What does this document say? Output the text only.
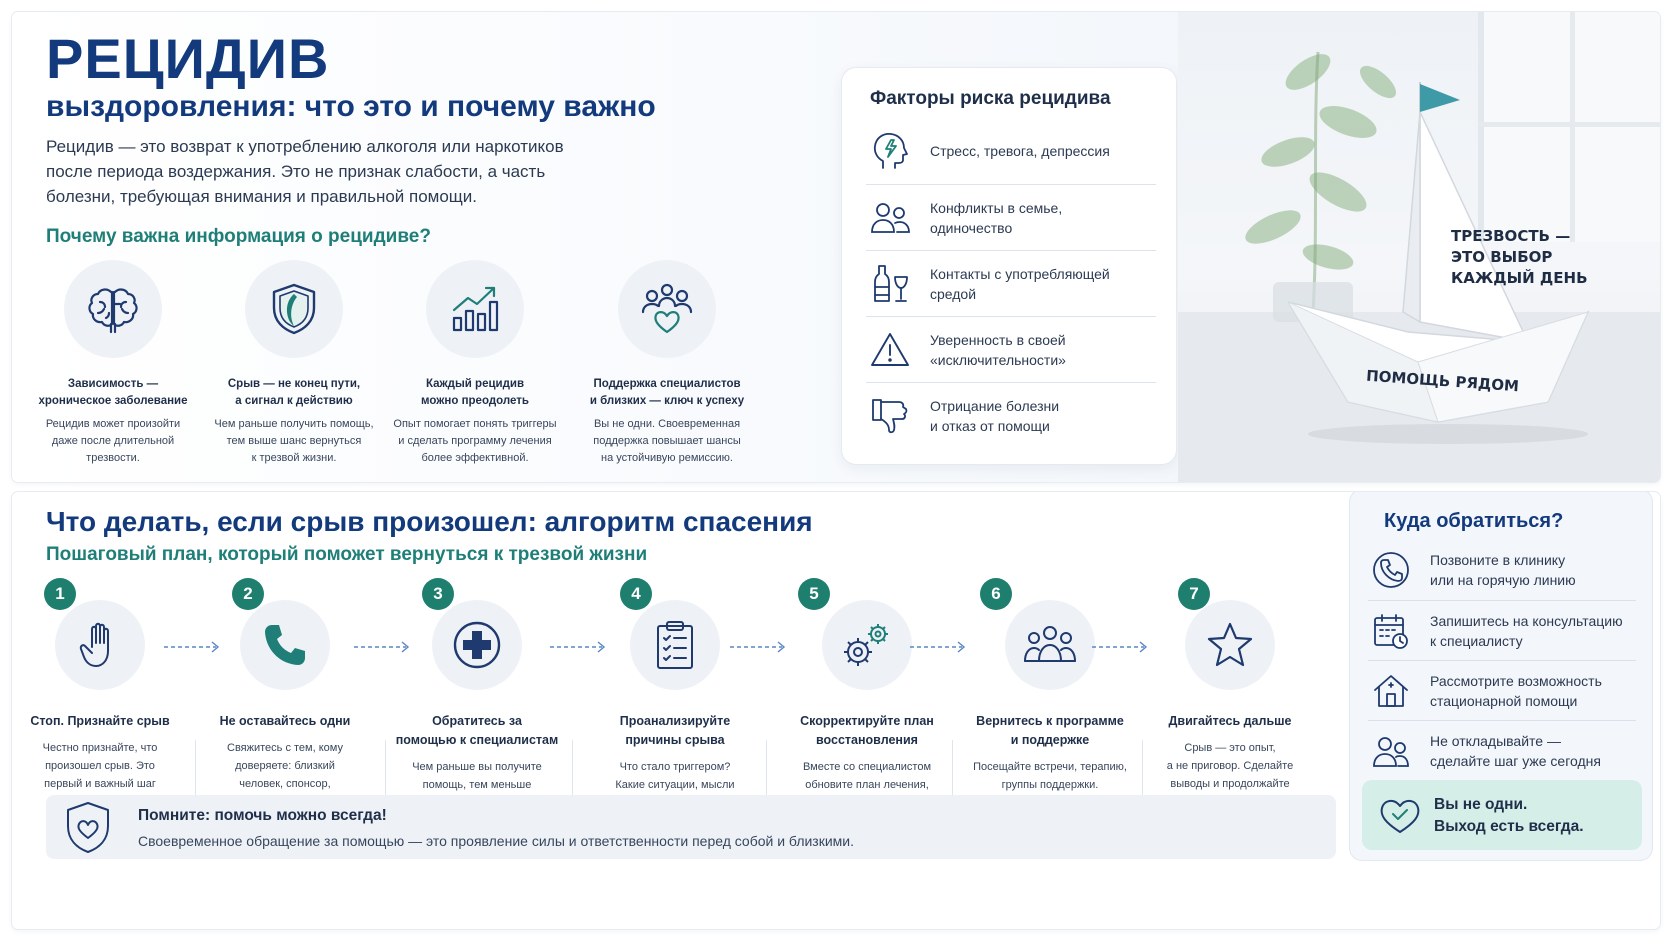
РЕЦИДИВ
выздоровления: что это и почему важно

Рецидив — это возврат к употреблению алкоголя или наркотиков
после периода воздержания. Это не признак слабости, а часть
болезни, требующая внимания и правильной помощи.

Почему важна информация о рецидиве?
Зависимость —
хроническое заболевание
Рецидив может произойти
даже после длительной
трезвости.
Срыв — не конец пути,
а сигнал к действию
Чем раньше получить помощь,
тем выше шанс вернуться
к трезвой жизни.
Каждый рецидив
можно преодолеть
Опыт помогает понять триггеры
и сделать программу лечения
более эффективной.
Поддержка специалистов
и близких — ключ к успеху
Вы не одни. Своевременная
поддержка повышает шансы
на устойчивую ремиссию.
Факторы риска рецидива
Стресс, тревога, депрессия
Конфликты в семье,
одиночество
Контакты с употребляющей
средой
Уверенность в своей
«исключительности»
Отрицание болезни
и отказ от помощи
ТРЕЗВОСТЬ —
ЭТО ВЫБОР
КАЖДЫЙ ДЕНЬ
ПОМОЩЬ РЯДОМ
Что делать, если срыв произошел: алгоритм спасения
Пошаговый план, который поможет вернуться к трезвой жизни
1
Стоп. Признайте срыв
Честно признайте, что
произошел срыв. Это
первый и важный шаг

2
Не оставайтесь одни
Свяжитесь с тем, кому
доверяете: близкий
человек, спонсор,

3
Обратитесь за
помощью к специалистам
Чем раньше вы получите
помощь, тем меньше

4
Проанализируйте
причины срыва
Что стало триггером?
Какие ситуации, мысли

5
Скорректируйте план
восстановления
Вместе со специалистом
обновите план лечения,

6
Вернитесь к программе
и поддержке
Посещайте встречи, терапию,
группы поддержки.

7
Двигайтесь дальше
Срыв — это опыт,
а не приговор. Сделайте
выводы и продолжайте

Помните: помочь можно всегда!
Своевременное обращение за помощью — это проявление силы и ответственности перед собой и близкими.
Куда обратиться?
Позвоните в клинику
или на горячую линию
Запишитесь на консультацию
к специалисту
Рассмотрите возможность
стационарной помощи
Не откладывайте —
сделайте шаг уже сегодня
Вы не одни.
Выход есть всегда.
